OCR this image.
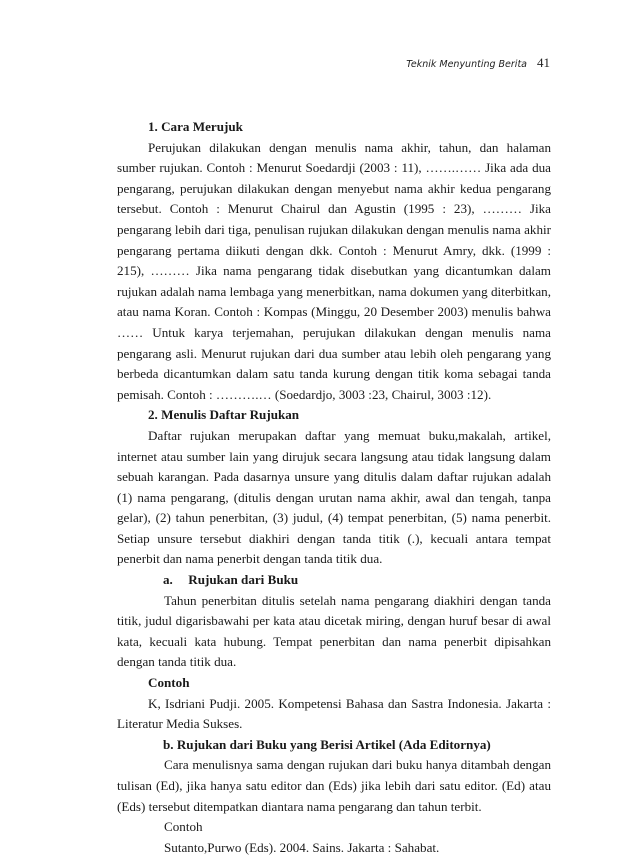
Teknik Menyunting Berita 41

1. Cara Merujuk

Perujukan dilakukan dengan menulis nama akhir, tahun, dan halaman sumber rujukan. Contoh : Menurut Soedardji (2003 : 11), …….…… Jika ada dua pengarang, perujukan dilakukan dengan menyebut nama akhir kedua pengarang tersebut. Contoh : Menurut Chairul dan Agustin (1995 : 23), ……… Jika pengarang lebih dari tiga, penulisan rujukan dilakukan dengan menulis nama akhir pengarang pertama diikuti dengan dkk. Contoh : Menurut Amry, dkk. (1999 : 215), ……… Jika nama pengarang tidak disebutkan yang dicantumkan dalam rujukan adalah nama lembaga yang menerbitkan, nama dokumen yang diterbitkan, atau nama Koran. Contoh : Kompas (Minggu, 20 Desember 2003) menulis bahwa …… Untuk karya terjemahan, perujukan dilakukan dengan menulis nama pengarang asli. Menurut rujukan dari dua sumber atau lebih oleh pengarang yang berbeda dicantumkan dalam satu tanda kurung dengan titik koma sebagai tanda pemisah. Contoh : ……….… (Soedardjo, 3003 :23, Chairul, 3003 :12).

2. Menulis Daftar Rujukan

Daftar rujukan merupakan daftar yang memuat buku,makalah, artikel, internet atau sumber lain yang dirujuk secara langsung atau tidak langsung dalam sebuah karangan. Pada dasarnya unsure yang ditulis dalam daftar rujukan adalah (1) nama pengarang, (ditulis dengan urutan nama akhir, awal dan tengah, tanpa gelar), (2) tahun penerbitan, (3) judul, (4) tempat penerbitan, (5) nama penerbit. Setiap unsure tersebut diakhiri dengan tanda titik (.), kecuali antara tempat penerbit dan nama penerbit dengan tanda titik dua.

a. Rujukan dari Buku

Tahun penerbitan ditulis setelah nama pengarang diakhiri dengan tanda titik, judul digarisbawahi per kata atau dicetak miring, dengan huruf besar di awal kata, kecuali kata hubung. Tempat penerbitan dan nama penerbit dipisahkan dengan tanda titik dua.

Contoh

K, Isdriani Pudji. 2005. Kompetensi Bahasa dan Sastra Indonesia. Jakarta : Literatur Media Sukses.

b. Rujukan dari Buku yang Berisi Artikel (Ada Editornya)

Cara menulisnya sama dengan rujukan dari buku hanya ditambah dengan tulisan (Ed), jika hanya satu editor dan (Eds) jika lebih dari satu editor. (Ed) atau (Eds) tersebut ditempatkan diantara nama pengarang dan tahun terbit.

Contoh

Sutanto,Purwo (Eds). 2004. Sains. Jakarta : Sahabat.
